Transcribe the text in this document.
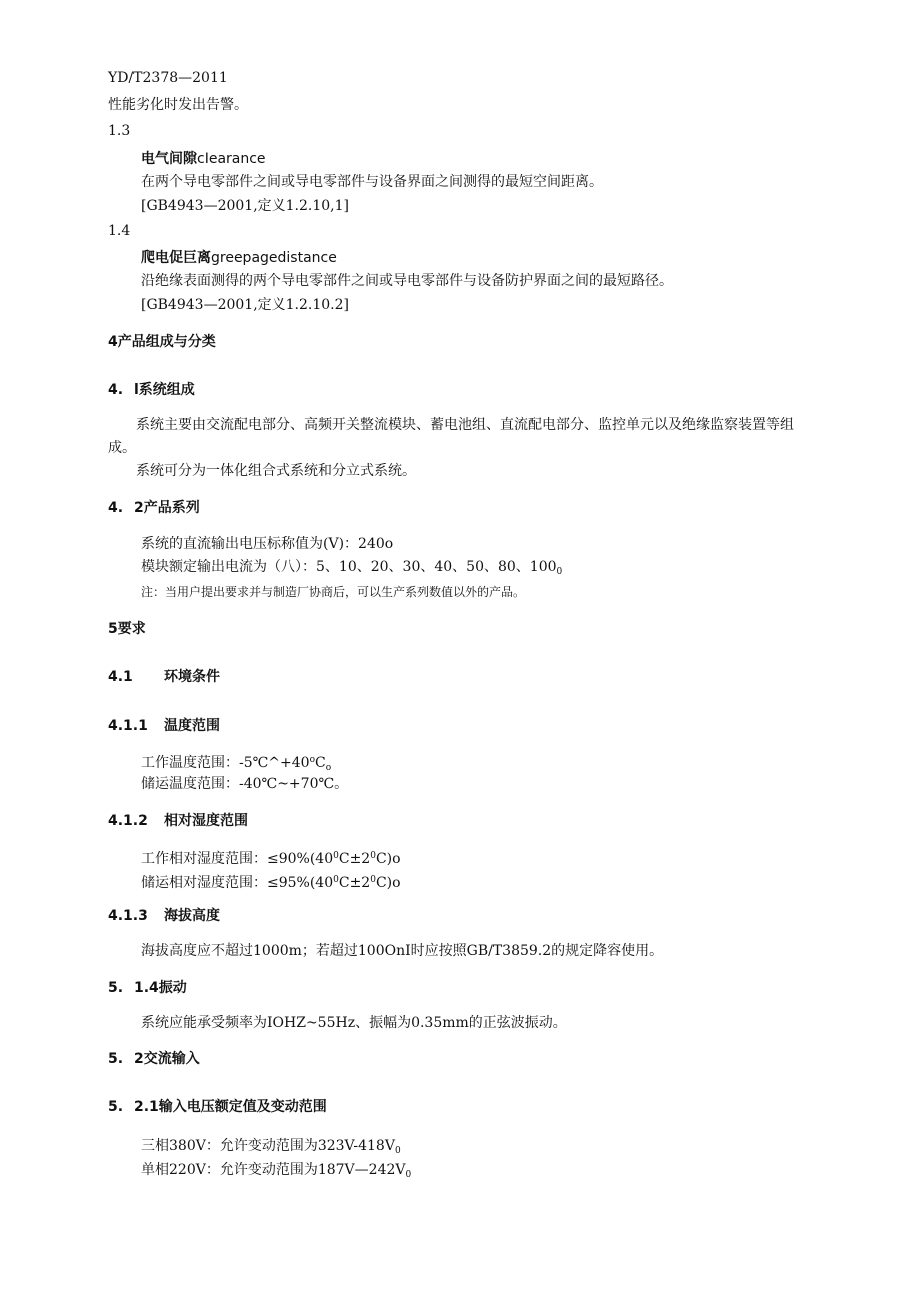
YD/T2378—2011
性能劣化时发出告警。
1.3
电气间隙cIearance
在两个导电零部件之间或导电零部件与设备界面之间测得的最短空间距离。
[GB4943—2001,定义1.2.10,1]
1.4
爬电促巨离greepagedistance
沿绝缘表面测得的两个导电零部件之间或导电零部件与设备防护界面之间的最短路径。
[GB4943—2001,定义1.2.10.2]
4产品组成与分类
4. l系统组成
系统主要由交流配电部分、高频开关整流模块、蓄电池组、直流配电部分、监控单元以及绝缘监察装置等组
成。
系统可分为一体化组合式系统和分立式系统。
4. 2产品系列
系统的直流输出电压标称值为(V)：240o
模块额定输出电流为（八）：5、10、20、30、40、50、80、$100_0$
注：当用户提出要求并与制造厂协商后，可以生产系列数值以外的产品。
5要求
4.1 环境条件
4.1.1 温度范围
工作温度范围：$-5℃\^{}+40^oC_o$
储运温度范围：-40℃~+70℃。
4.1.2 相对湿度范围
工作相对湿度范围：$\le 90\%(40^0C\pm 2^0C)o$
储运相对湿度范围：$\le 95\%(40^0C\pm 2^0C)o$
4.1.3 海拔高度
海拔高度应不超过1000m；若超过100OnI时应按照GB/T3859.2的规定降容使用。
5. 1.4振动
系统应能承受频率为IOHZ~55Hz、振幅为0.35mm的正弦波振动。
5. 2交流输入
5. 2.1输入电压额定值及变动范围
三相380V：允许变动范围为$323V-418V_0$
单相220V：允许变动范围为$187V—242V_0$
